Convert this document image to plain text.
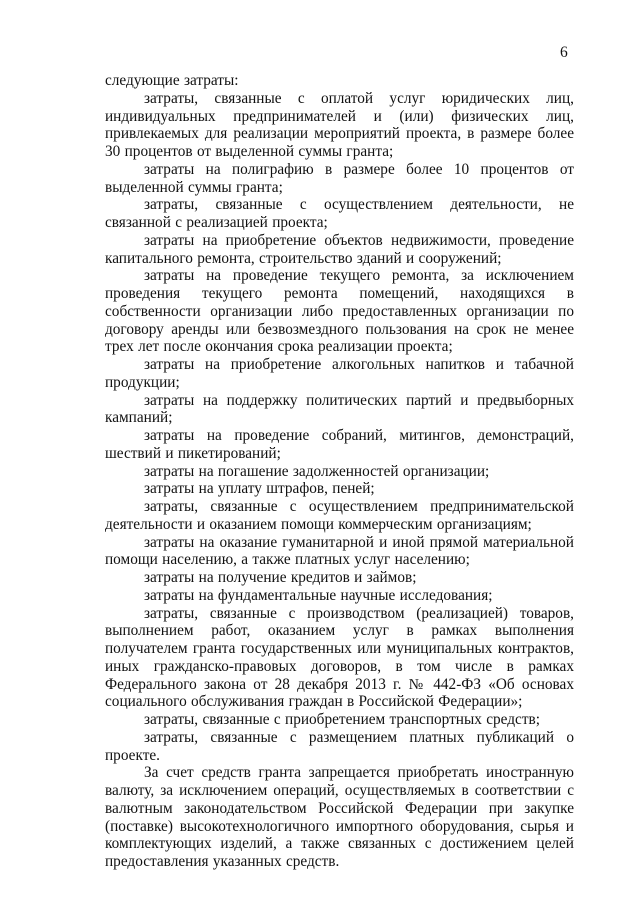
6

следующие затраты:

затраты, связанные с оплатой услуг юридических лиц, индивидуальных предпринимателей и (или) физических лиц, привлекаемых для реализации мероприятий проекта, в размере более 30 процентов от выделенной суммы гранта;

затраты на полиграфию в размере более 10 процентов от выделенной суммы гранта;

затраты, связанные с осуществлением деятельности, не связанной с реализацией проекта;

затраты на приобретение объектов недвижимости, проведение капитального ремонта, строительство зданий и сооружений;

затраты на проведение текущего ремонта, за исключением проведения текущего ремонта помещений, находящихся в собственности организации либо предоставленных организации по договору аренды или безвозмездного пользования на срок не менее трех лет после окончания срока реализации проекта;

затраты на приобретение алкогольных напитков и табачной продукции;

затраты на поддержку политических партий и предвыборных кампаний;

затраты на проведение собраний, митингов, демонстраций, шествий и пикетирований;

затраты на погашение задолженностей организации;

затраты на уплату штрафов, пеней;

затраты, связанные с осуществлением предпринимательской деятельности и оказанием помощи коммерческим организациям;

затраты на оказание гуманитарной и иной прямой материальной помощи населению, а также платных услуг населению;

затраты на получение кредитов и займов;

затраты на фундаментальные научные исследования;

затраты, связанные с производством (реализацией) товаров, выполнением работ, оказанием услуг в рамках выполнения получателем гранта государственных или муниципальных контрактов, иных гражданско-правовых договоров, в том числе в рамках Федерального закона от 28 декабря 2013 г. № 442-ФЗ «Об основах социального обслуживания граждан в Российской Федерации»;

затраты, связанные с приобретением транспортных средств;

затраты, связанные с размещением платных публикаций о проекте.

За счет средств гранта запрещается приобретать иностранную валюту, за исключением операций, осуществляемых в соответствии с валютным законодательством Российской Федерации при закупке (поставке) высокотехнологичного импортного оборудования, сырья и комплектующих изделий, а также связанных с достижением целей предоставления указанных средств.
